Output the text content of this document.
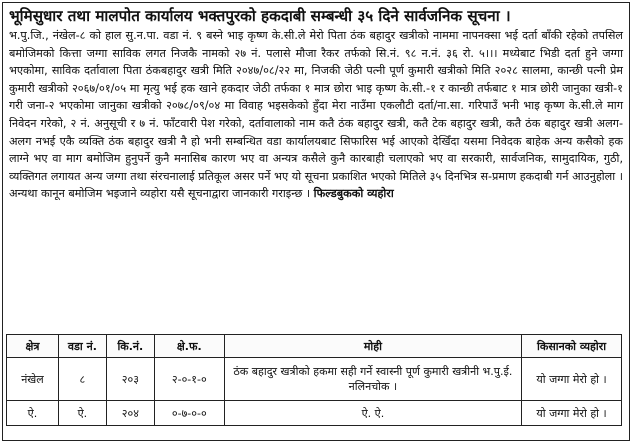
भूमिसुधार तथा मालपोत कार्यालय भक्तपुरको हकदाबी सम्बन्धी ३५ दिने सार्वजनिक सूचना ।

भ.पु.जि., नंखेल-८ को हाल सु.न.पा. वडा नं. ९ बस्ने भाइ कृष्ण के.सी.ले मेरो पिता ठंक बहादुर खत्रीको नाममा नापनक्सा भई दर्ता बाँकी रहेको तपसिल बमोजिमको कित्ता जग्गा साविक लगत निजकै नामको २७ नं. पलासे मौजा रैकर तर्फको सि.नं. ९८ न.नं. ३६ रो. ५।।। मध्येबाट भिडी दर्ता हुने जग्गा भएकोमा, साविक दर्तावाला पिता ठंकबहादुर खत्री मिति २०४७/०८/२२ मा, निजकी जेठी पत्नी पूर्ण कुमारी खत्रीको मिति २०२८ सालमा, कान्छी पत्नी प्रेम कुमारी खत्रीको २०६७/०१/०५ मा मृत्यु भई हक खाने हकदार जेठी तर्फका १ मात्र छोरा भाइ कृष्ण के.सी.-१ र कान्छी तर्फबाट १ मात्र छोरी जानुका खत्री-१ गरी जना-२ भएकोमा जानुका खत्रीको २०७८/०९/०४ मा विवाह भइसकेको हुँदा मेरा नाउँमा एकलौटी दर्ता/ना.सा. गरिपाउँ भनी भाइ कृष्ण के.सी.ले माग निवेदन गरेको, २ नं. अनुसूची र ७ नं. फाँटवारी पेश गरेको, दर्तावालाको नाम कतै ठंक बहादुर खत्री, कतै टेक बहादुर खत्री, कतै ठंक बहादुर खत्री अलग-अलग नभई एकै व्यक्ति ठंक बहादुर खत्री नै हो भनी सम्बन्धित वडा कार्यालयबाट सिफारिस भई आएको देखिँदा यसमा निवेदक बाहेक अन्य कसैको हक लाग्ने भए वा माग बमोजिम हुनुपर्ने कुनै मनासिब कारण भए वा अन्यत्र कसैले कुनै कारबाही चलाएको भए वा सरकारी, सार्वजनिक, सामुदायिक, गुठी, व्यक्तिगत लगायत अन्य जग्गा तथा संरचनालाई प्रतिकूल असर पर्ने भए यो सूचना प्रकाशित भएको मितिले ३५ दिनभित्र स-प्रमाण हकदाबी गर्न आउनुहोला । अन्यथा कानून बमोजिम भइजाने व्यहोरा यसै सूचनाद्वारा जानकारी गराइन्छ । फिल्डबुकको व्यहोरा

क्षेत्र	वडा नं.	कि.नं.	क्षे.फ.	मोही	किसानको व्यहोरा
नंखेल	८	२०३	२-०-१-०	ठंक बहादुर खत्रीको हकमा सही गर्ने स्वास्नी पूर्ण कुमारी खत्रीनी भ.पु.ई. नलिनचोक ।	यो जग्गा मेरो हो ।
ऐ.	ऐ.	२०४	०-७-०-०	ऐ. ऐ.	यो जग्गा मेरो हो ।
